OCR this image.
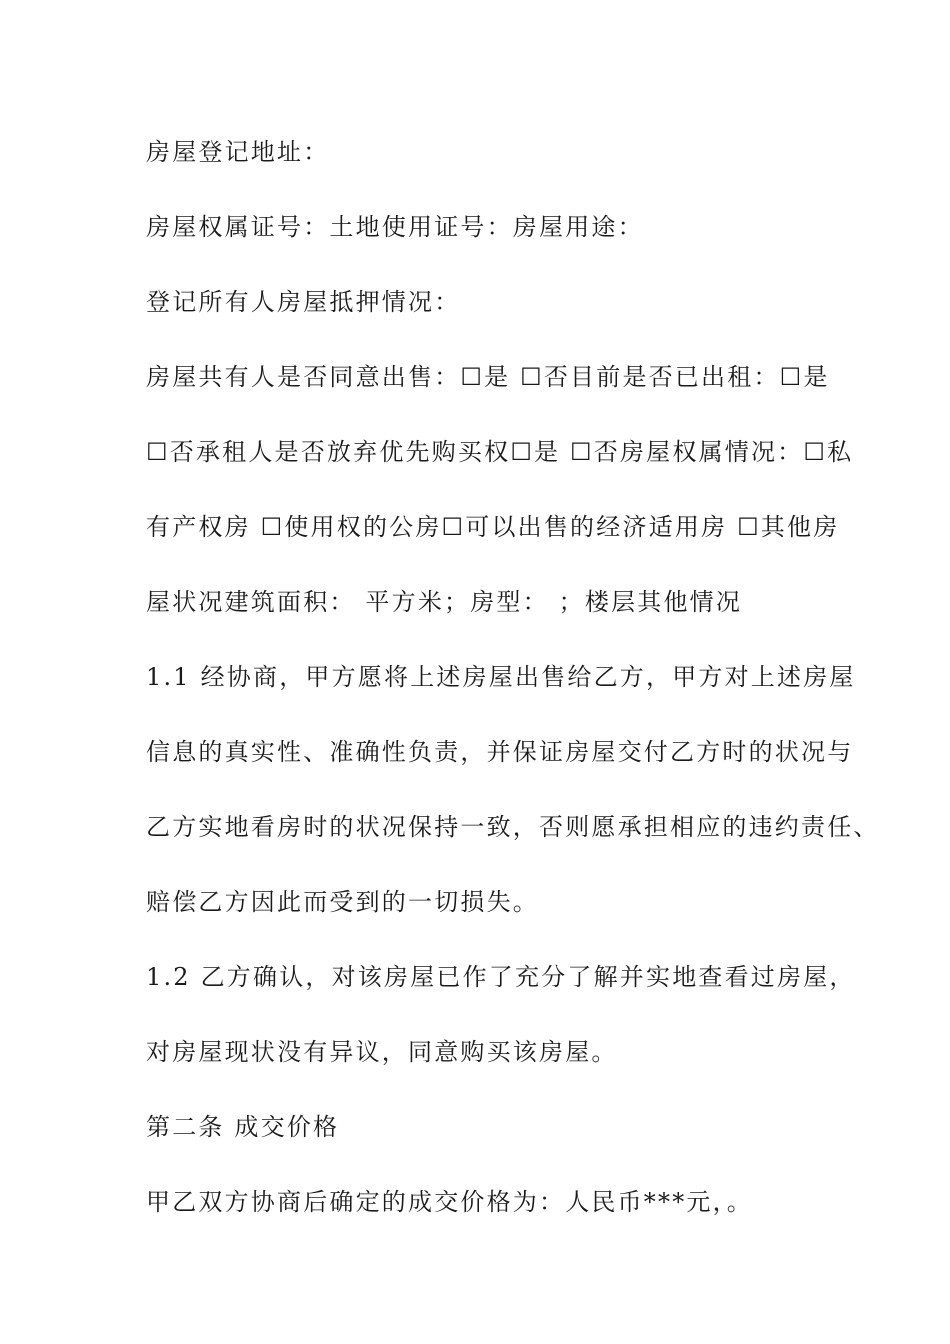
房屋登记地址：
房屋权属证号：土地使用证号：房屋用途：
登记所有人房屋抵押情况：
房屋共有人是否同意出售：☐是 ☐否目前是否已出租：☐是
☐否承租人是否放弃优先购买权☐是 ☐否房屋权属情况：☐私
有产权房 ☐使用权的公房☐可以出售的经济适用房 ☐其他房
屋状况建筑面积： 平方米；房型： ；楼层其他情况
1.1 经协商，甲方愿将上述房屋出售给乙方，甲方对上述房屋
信息的真实性、准确性负责，并保证房屋交付乙方时的状况与
乙方实地看房时的状况保持一致，否则愿承担相应的违约责任、
赔偿乙方因此而受到的一切损失。
1.2 乙方确认，对该房屋已作了充分了解并实地查看过房屋，
对房屋现状没有异议，同意购买该房屋。
第二条 成交价格
甲乙双方协商后确定的成交价格为：人民币***元，。
